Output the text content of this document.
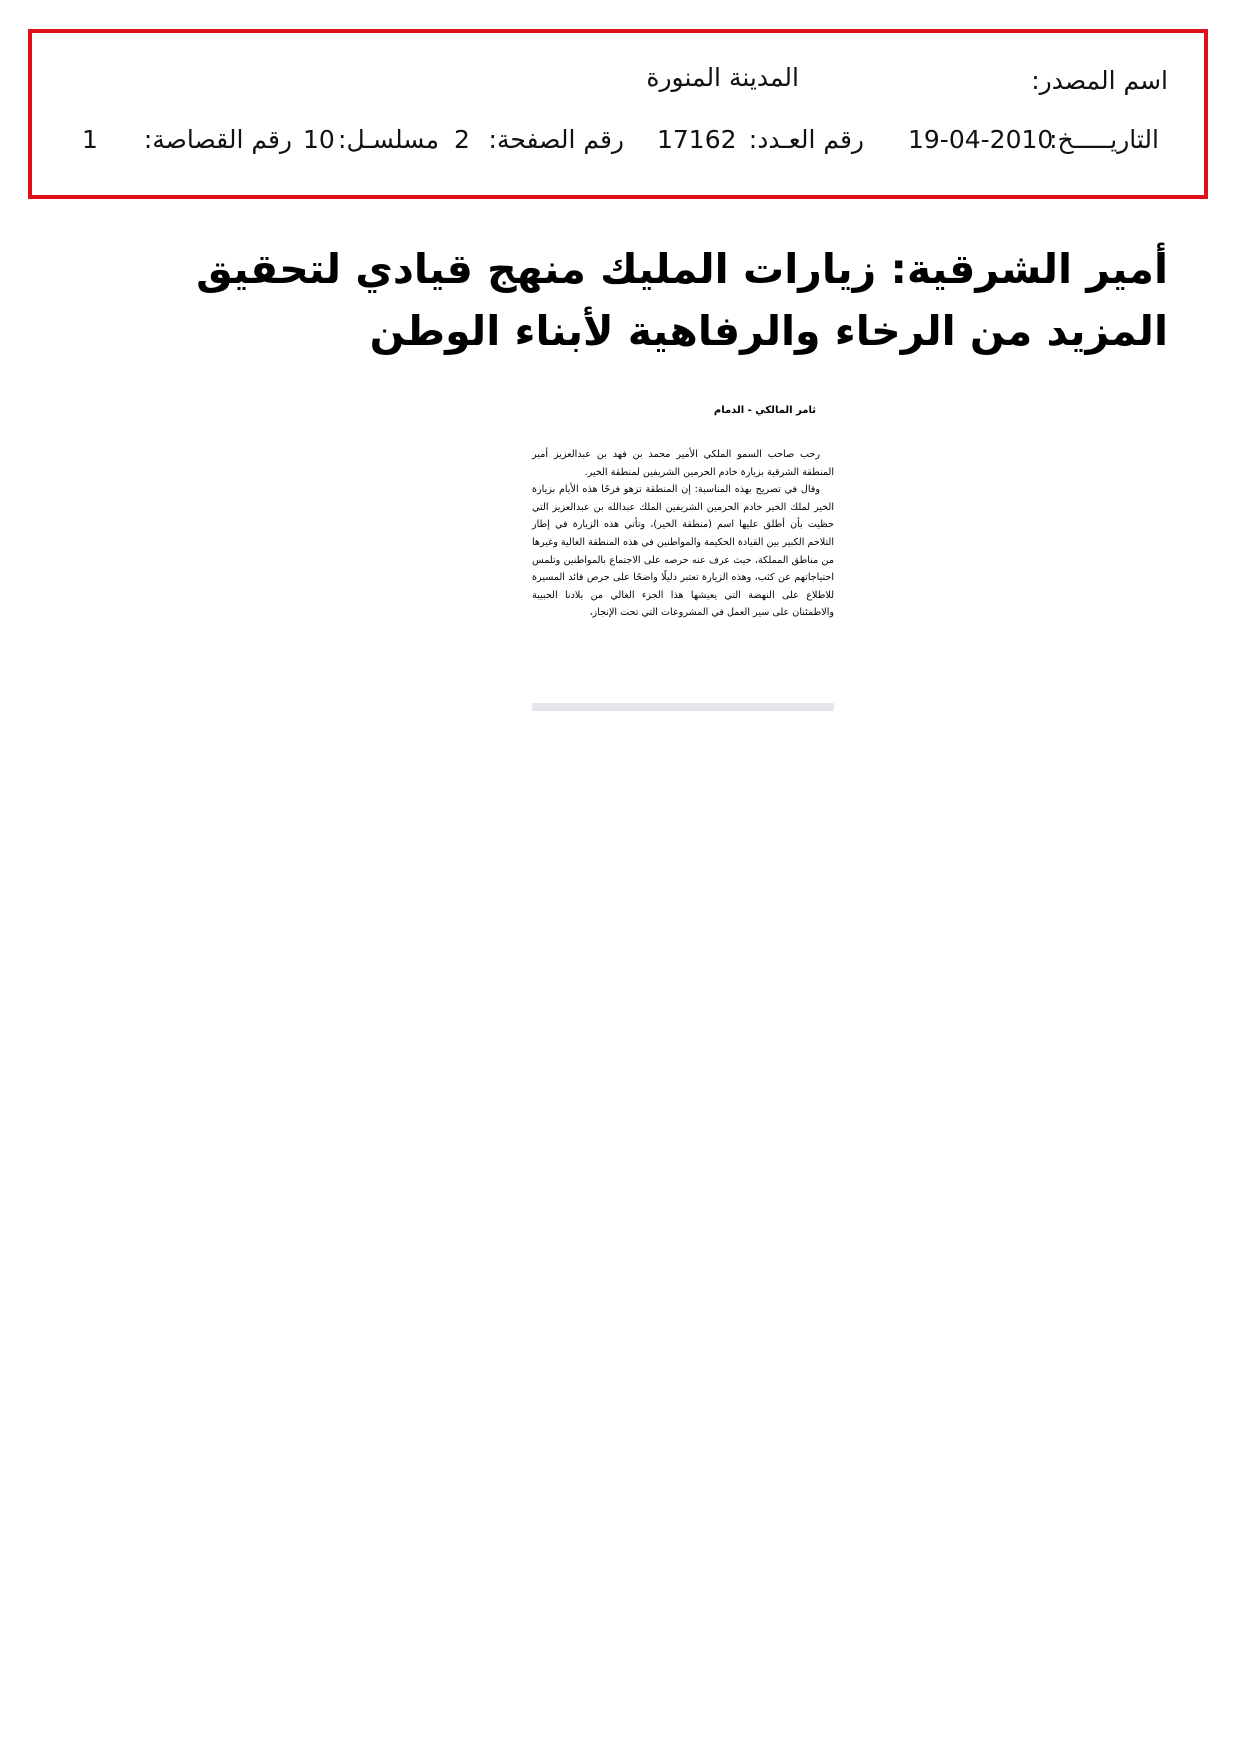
اسم المصدر:
المدينة المنورة
التاريـــــخ:
19-04-2010
رقم العـدد:
17162
رقم الصفحة:
2
مسلسـل:
10
رقم القصاصة:
1
أمير الشرقية: زيارات المليك منهج قيادي لتحقيق المزيد من الرخاء والرفاهية لأبناء الوطن
ثامر المالكي - الدمام

رحب صاحب السمو الملكي الأمير محمد بن فهد بن عبدالعزيز أمير المنطقة الشرقية بزيارة خادم الحرمين الشريفين لمنطقة الخير.

وقال في تصريح بهذه المناسبة: إن المنطقة تزهو فرحًا هذه الأيام بزيارة الخير لملك الخير خادم الحرمين الشريفين الملك عبدالله بن عبدالعزيز التي حظيت بأن أطلق عليها اسم (منطقة الخير)، وتأتي هذه الزيارة في إطار التلاحم الكبير بين القيادة الحكيمة والمواطنين في هذه المنطقة الغالية وغيرها من مناطق المملكة، حيث عرف عنه حرصه على الاجتماع بالمواطنين وتلمس احتياجاتهم عن كثب، وهذه الزيارة تعتبر دليلًا واضحًا على حرص قائد المسيرة للاطلاع على النهضة التي يعيشها هذا الجزء الغالي من بلادنا الحبيبة والاطمئنان على سير العمل في المشروعات التي تحت الإنجاز،
